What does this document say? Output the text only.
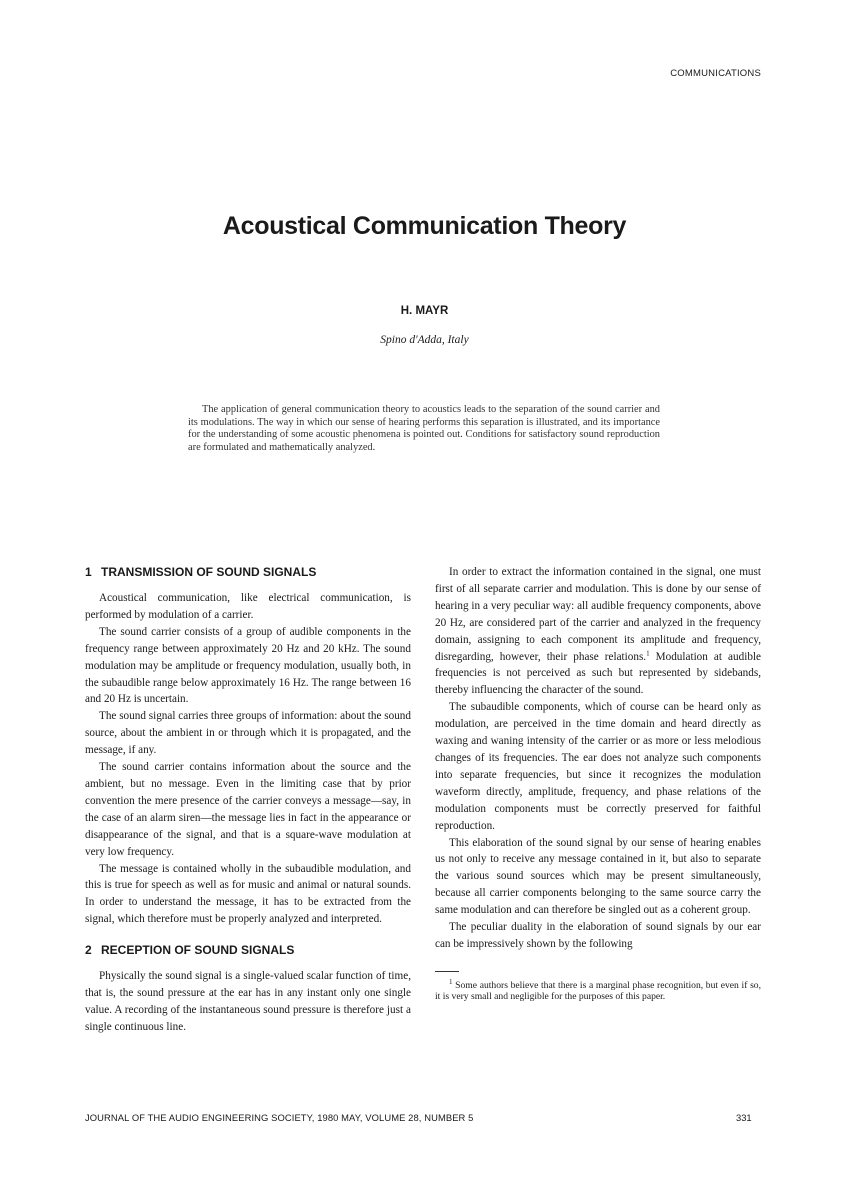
COMMUNICATIONS
Acoustical Communication Theory
H. MAYR
Spino d'Adda, Italy

The application of general communication theory to acoustics leads to the separation of the sound carrier and its modulations. The way in which our sense of hearing performs this separation is illustrated, and its importance for the understanding of some acoustic phenomena is pointed out. Conditions for satisfactory sound reproduction are formulated and mathematically analyzed.

1 TRANSMISSION OF SOUND SIGNALS

Acoustical communication, like electrical communication, is performed by modulation of a carrier.

The sound carrier consists of a group of audible components in the frequency range between approximately 20 Hz and 20 kHz. The sound modulation may be amplitude or frequency modulation, usually both, in the subaudible range below approximately 16 Hz. The range between 16 and 20 Hz is uncertain.

The sound signal carries three groups of information: about the sound source, about the ambient in or through which it is propagated, and the message, if any.

The sound carrier contains information about the source and the ambient, but no message. Even in the limiting case that by prior convention the mere presence of the carrier conveys a message—say, in the case of an alarm siren—the message lies in fact in the appearance or disappearance of the signal, and that is a square-wave modulation at very low frequency.

The message is contained wholly in the subaudible modulation, and this is true for speech as well as for music and animal or natural sounds. In order to understand the message, it has to be extracted from the signal, which therefore must be properly analyzed and interpreted.

2 RECEPTION OF SOUND SIGNALS

Physically the sound signal is a single-valued scalar function of time, that is, the sound pressure at the ear has in any instant only one single value. A recording of the instantaneous sound pressure is therefore just a single continuous line.

In order to extract the information contained in the signal, one must first of all separate carrier and modulation. This is done by our sense of hearing in a very peculiar way: all audible frequency components, above 20 Hz, are considered part of the carrier and analyzed in the frequency domain, assigning to each component its amplitude and frequency, disregarding, however, their phase relations.$^1$ Modulation at audible frequencies is not perceived as such but represented by sidebands, thereby influencing the character of the sound.

The subaudible components, which of course can be heard only as modulation, are perceived in the time domain and heard directly as waxing and waning intensity of the carrier or as more or less melodious changes of its frequencies. The ear does not analyze such components into separate frequencies, but since it recognizes the modulation waveform directly, amplitude, frequency, and phase relations of the modulation components must be correctly preserved for faithful reproduction.

This elaboration of the sound signal by our sense of hearing enables us not only to receive any message contained in it, but also to separate the various sound sources which may be present simultaneously, because all carrier components belonging to the same source carry the same modulation and can therefore be singled out as a coherent group.

The peculiar duality in the elaboration of sound signals by our ear can be impressively shown by the following

$^1$ Some authors believe that there is a marginal phase recognition, but even if so, it is very small and negligible for the purposes of this paper.

JOURNAL OF THE AUDIO ENGINEERING SOCIETY, 1980 MAY, VOLUME 28, NUMBER 5	331
